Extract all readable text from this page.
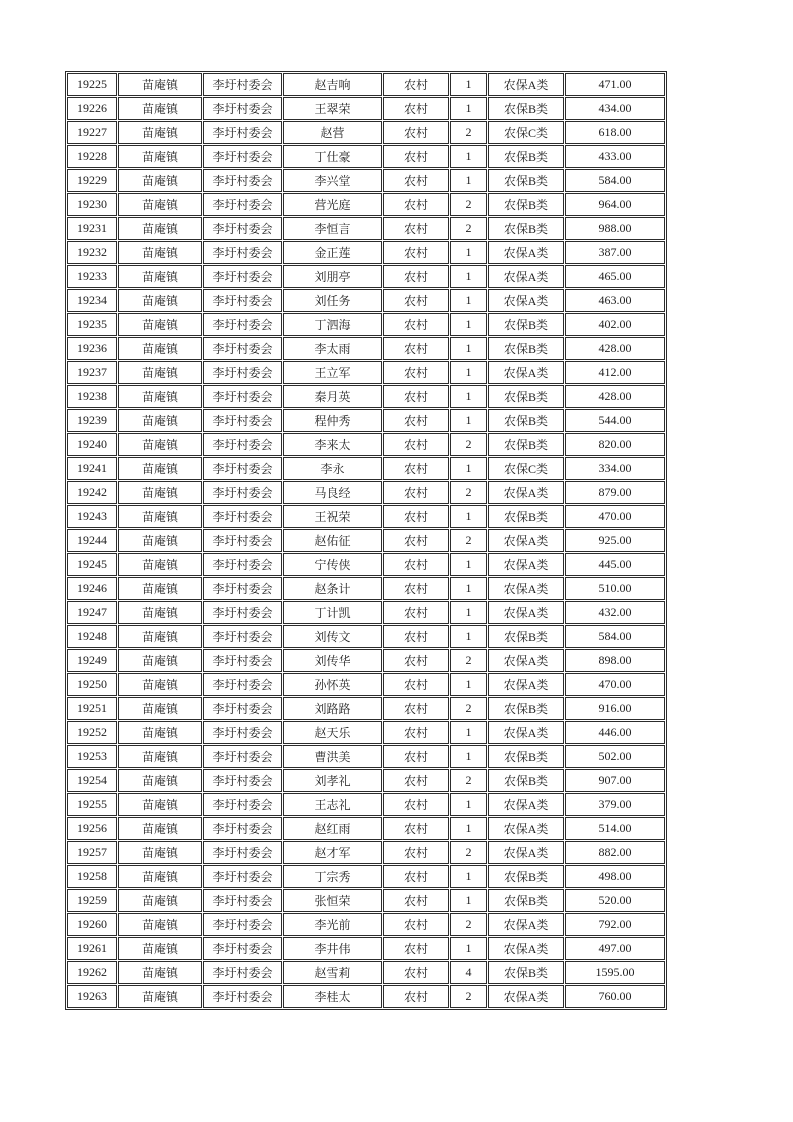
19225	苗庵镇	李圩村委会	赵吉响	农村	1	农保A类	471.00
19226	苗庵镇	李圩村委会	王翠荣	农村	1	农保B类	434.00
19227	苗庵镇	李圩村委会	赵营	农村	2	农保C类	618.00
19228	苗庵镇	李圩村委会	丁仕豪	农村	1	农保B类	433.00
19229	苗庵镇	李圩村委会	李兴堂	农村	1	农保B类	584.00
19230	苗庵镇	李圩村委会	营光庭	农村	2	农保B类	964.00
19231	苗庵镇	李圩村委会	李恒言	农村	2	农保B类	988.00
19232	苗庵镇	李圩村委会	金正莲	农村	1	农保A类	387.00
19233	苗庵镇	李圩村委会	刘朋亭	农村	1	农保A类	465.00
19234	苗庵镇	李圩村委会	刘任务	农村	1	农保A类	463.00
19235	苗庵镇	李圩村委会	丁泗海	农村	1	农保B类	402.00
19236	苗庵镇	李圩村委会	李太雨	农村	1	农保B类	428.00
19237	苗庵镇	李圩村委会	王立军	农村	1	农保A类	412.00
19238	苗庵镇	李圩村委会	秦月英	农村	1	农保B类	428.00
19239	苗庵镇	李圩村委会	程仲秀	农村	1	农保B类	544.00
19240	苗庵镇	李圩村委会	李来太	农村	2	农保B类	820.00
19241	苗庵镇	李圩村委会	李永	农村	1	农保C类	334.00
19242	苗庵镇	李圩村委会	马良经	农村	2	农保A类	879.00
19243	苗庵镇	李圩村委会	王祝荣	农村	1	农保B类	470.00
19244	苗庵镇	李圩村委会	赵佑征	农村	2	农保A类	925.00
19245	苗庵镇	李圩村委会	宁传侠	农村	1	农保A类	445.00
19246	苗庵镇	李圩村委会	赵条计	农村	1	农保A类	510.00
19247	苗庵镇	李圩村委会	丁计凯	农村	1	农保A类	432.00
19248	苗庵镇	李圩村委会	刘传文	农村	1	农保B类	584.00
19249	苗庵镇	李圩村委会	刘传华	农村	2	农保A类	898.00
19250	苗庵镇	李圩村委会	孙怀英	农村	1	农保A类	470.00
19251	苗庵镇	李圩村委会	刘路路	农村	2	农保B类	916.00
19252	苗庵镇	李圩村委会	赵天乐	农村	1	农保A类	446.00
19253	苗庵镇	李圩村委会	曹洪美	农村	1	农保B类	502.00
19254	苗庵镇	李圩村委会	刘孝礼	农村	2	农保B类	907.00
19255	苗庵镇	李圩村委会	王志礼	农村	1	农保A类	379.00
19256	苗庵镇	李圩村委会	赵红雨	农村	1	农保A类	514.00
19257	苗庵镇	李圩村委会	赵才军	农村	2	农保A类	882.00
19258	苗庵镇	李圩村委会	丁宗秀	农村	1	农保B类	498.00
19259	苗庵镇	李圩村委会	张恒荣	农村	1	农保B类	520.00
19260	苗庵镇	李圩村委会	李光前	农村	2	农保A类	792.00
19261	苗庵镇	李圩村委会	李井伟	农村	1	农保A类	497.00
19262	苗庵镇	李圩村委会	赵雪莉	农村	4	农保B类	1595.00
19263	苗庵镇	李圩村委会	李桂太	农村	2	农保A类	760.00
